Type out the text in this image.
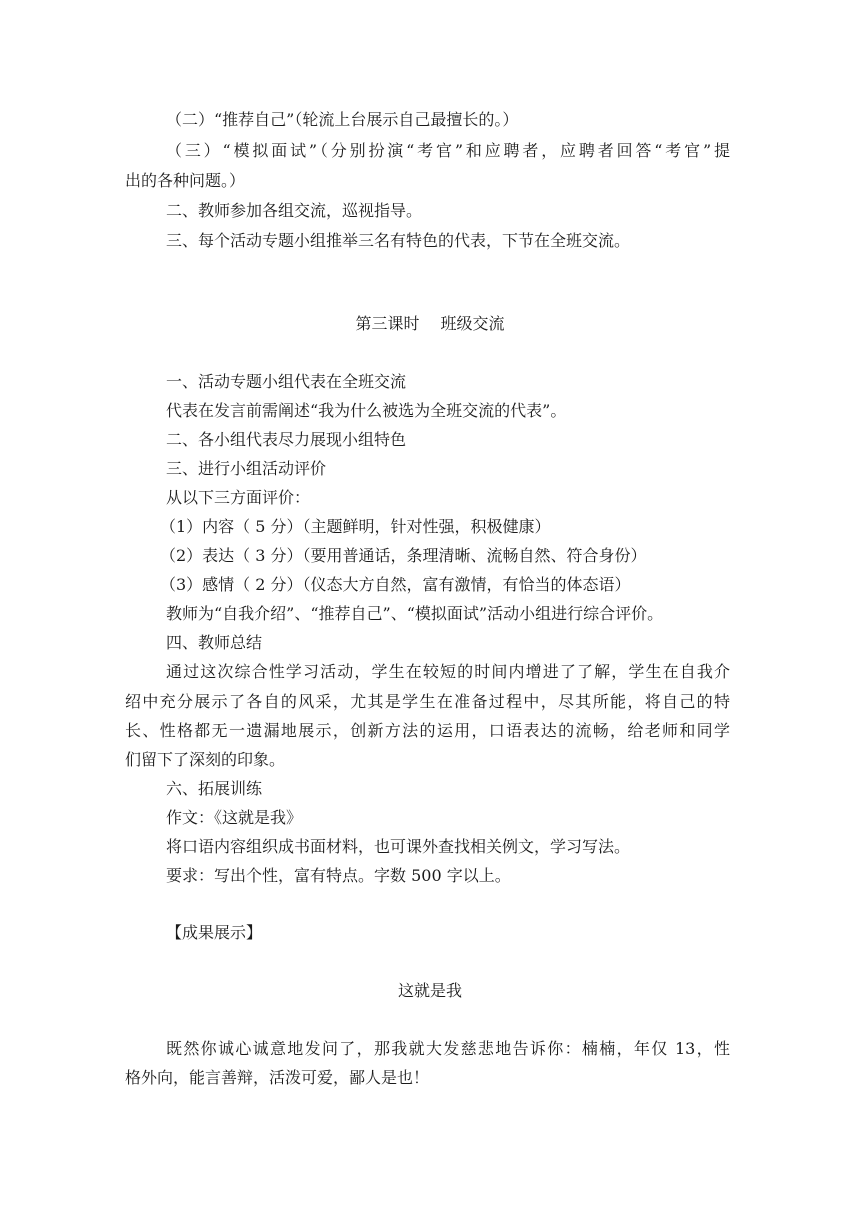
（二）“推荐自己”（轮流上台展示自己最擅长的。）

（三）“模拟面试”（分别扮演“考官”和应聘者，应聘者回答“考官”提

出的各种问题。）

二、教师参加各组交流，巡视指导。

三、每个活动专题小组推举三名有特色的代表，下节在全班交流。

第三课时　 班级交流

一、活动专题小组代表在全班交流

代表在发言前需阐述“我为什么被选为全班交流的代表”。

二、各小组代表尽力展现小组特色

三、进行小组活动评价

从以下三方面评价：

（1）内容（ 5 分）（主题鲜明，针对性强，积极健康）

（2）表达（ 3 分）（要用普通话，条理清晰、流畅自然、符合身份）

（3）感情（ 2 分）（仪态大方自然，富有激情，有恰当的体态语）

教师为“自我介绍”、“推荐自己”、“模拟面试”活动小组进行综合评价。

四、教师总结

通过这次综合性学习活动，学生在较短的时间内增进了了解，学生在自我介

绍中充分展示了各自的风采，尤其是学生在准备过程中，尽其所能，将自己的特

长、性格都无一遗漏地展示，创新方法的运用，口语表达的流畅，给老师和同学

们留下了深刻的印象。

六、拓展训练

作文：《这就是我》

将口语内容组织成书面材料，也可课外查找相关例文，学习写法。

要求：写出个性，富有特点。字数 500 字以上。

【成果展示】

这就是我

既然你诚心诚意地发问了，那我就大发慈悲地告诉你：楠楠，年仅 13，性

格外向，能言善辩，活泼可爱，鄙人是也！
